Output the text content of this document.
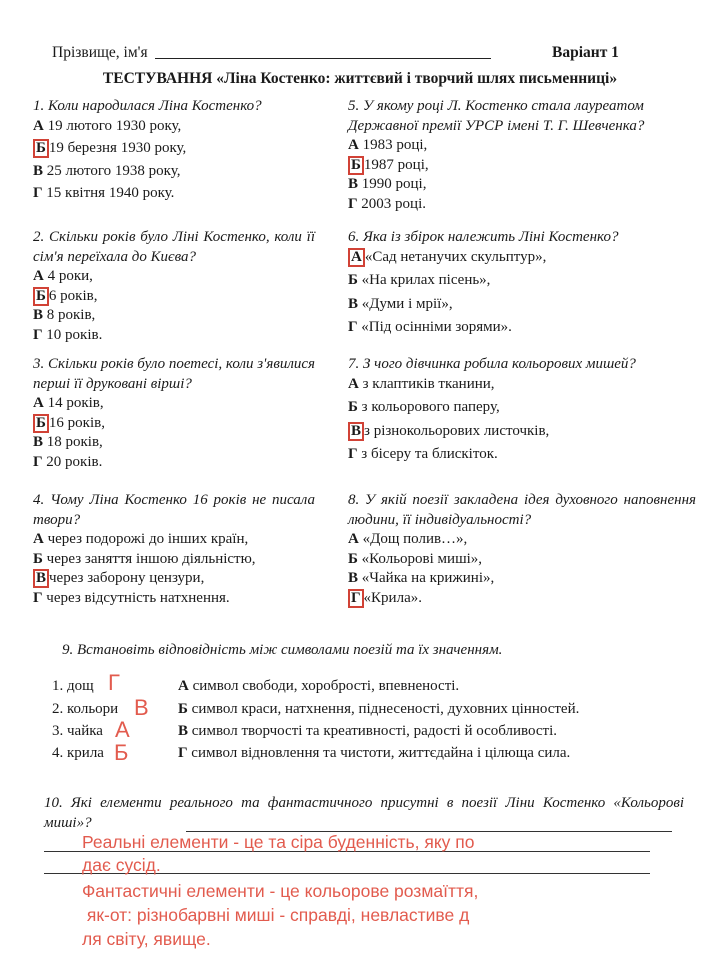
Прізвище, ім'я	Варіант 1
ТЕСТУВАННЯ «Ліна Костенко: життєвий і творчий шлях письменниці»
1. Коли народилася Ліна Костенко?
А 19 лютого 1930 року,
Б 19 березня 1930 року,
В 25 лютого 1938 року,
Г 15 квітня 1940 року.
2. Скільки років було Ліні Костенко, коли її сім'я переїхала до Києва?
А 4 роки,
Б 6 років,
В 8 років,
Г 10 років.
3. Скільки років було поетесі, коли з'явилися перші її друковані вірші?
А 14 років,
Б 16 років,
В 18 років,
Г 20 років.
4. Чому Ліна Костенко 16 років не писала твори?
А через подорожі до інших країн,
Б через заняття іншою діяльністю,
В через заборону цензури,
Г через відсутність натхнення.
5. У якому році Л. Костенко стала лауреатом Державної премії УРСР імені Т. Г. Шевченка?
А 1983 році,
Б 1987 році,
В 1990 році,
Г 2003 році.
6. Яка із збірок належить Ліні Костенко?
А «Сад нетанучих скульптур»,
Б «На крилах пісень»,
В «Думи і мрії»,
Г «Під осінніми зорями».
7. З чого дівчинка робила кольорових мишей?
А з клаптиків тканини,
Б з кольорового паперу,
В з різнокольорових листочків,
Г з бісеру та блискіток.
8. У якій поезії закладена ідея духовного наповнення людини, її індивідуальності?
А «Дощ полив…»,
Б «Кольорові миші»,
В «Чайка на крижині»,
Г «Крила».
9. Встановіть відповідність між символами поезій та їх значенням.
1. дощ
2. кольори
3. чайка
4. крила
Г
В
А
Б
А символ свободи, хоробрості, впевненості.
Б символ краси, натхнення, піднесеності, духовних цінностей.
В символ творчості та креативності, радості й особливості.
Г символ відновлення та чистоти, життєдайна і цілюща сила.
10. Які елементи реального та фантастичного присутні в поезії Ліни Костенко «Кольорові миші»?
Реальні елементи - це та сіра буденність, яку по
дає сусід.
Фантастичні елементи - це кольорове розмаїття,
як-от: різнобарвні миші - справді, невластиве д
ля світу, явище.
